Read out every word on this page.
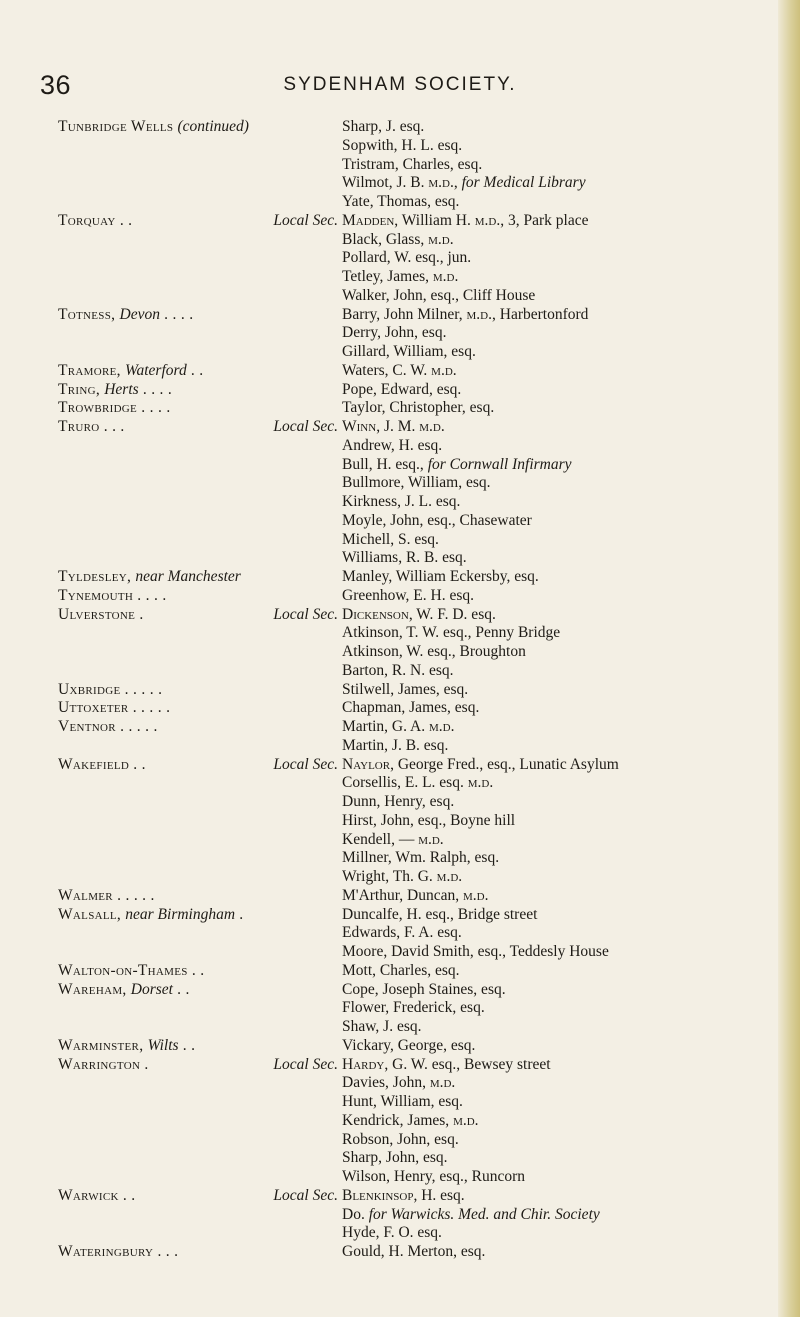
36	SYDENHAM SOCIETY.
Tunbridge Wells (continued)	Sharp, J. esq.
Sopwith, H. L. esq.
Tristram, Charles, esq.
Wilmot, J. B. m.d., for Medical Library
Yate, Thomas, esq.
Torquay . .	Local Sec. Madden, William H. m.d., 3, Park place
Black, Glass, m.d.
Pollard, W. esq., jun.
Tetley, James, m.d.
Walker, John, esq., Cliff House
Totness, Devon . . . .	Barry, John Milner, m.d., Harbertonford
Derry, John, esq.
Gillard, William, esq.
Tramore, Waterford . .	Waters, C. W. m.d.
Tring, Herts . . . .	Pope, Edward, esq.
Trowbridge . . . .	Taylor, Christopher, esq.
Truro . . .	Local Sec. Winn, J. M. m.d.
Andrew, H. esq.
Bull, H. esq., for Cornwall Infirmary
Bullmore, William, esq.
Kirkness, J. L. esq.
Moyle, John, esq., Chasewater
Michell, S. esq.
Williams, R. B. esq.
Tyldesley, near Manchester	Manley, William Eckersby, esq.
Tynemouth . . . .	Greenhow, E. H. esq.
Ulverstone .	Local Sec. Dickenson, W. F. D. esq.
Atkinson, T. W. esq., Penny Bridge
Atkinson, W. esq., Broughton
Barton, R. N. esq.
Uxbridge . . . . .	Stilwell, James, esq.
Uttoxeter . . . . .	Chapman, James, esq.
Ventnor . . . . .	Martin, G. A. m.d.
Martin, J. B. esq.
Wakefield . .	Local Sec. Naylor, George Fred., esq., Lunatic Asylum
Corsellis, E. L. esq. m.d.
Dunn, Henry, esq.
Hirst, John, esq., Boyne hill
Kendell, — m.d.
Millner, Wm. Ralph, esq.
Wright, Th. G. m.d.
Walmer . . . . .	M'Arthur, Duncan, m.d.
Walsall, near Birmingham .	Duncalfe, H. esq., Bridge street
Edwards, F. A. esq.
Moore, David Smith, esq., Teddesly House
Walton-on-Thames . .	Mott, Charles, esq.
Wareham, Dorset . .	Cope, Joseph Staines, esq.
Flower, Frederick, esq.
Shaw, J. esq.
Warminster, Wilts . .	Vickary, George, esq.
Warrington .	Local Sec. Hardy, G. W. esq., Bewsey street
Davies, John, m.d.
Hunt, William, esq.
Kendrick, James, m.d.
Robson, John, esq.
Sharp, John, esq.
Wilson, Henry, esq., Runcorn
Warwick . .	Local Sec. Blenkinsop, H. esq.
Do. for Warwicks. Med. and Chir. Society
Hyde, F. O. esq.
Wateringbury . . .	Gould, H. Merton, esq.
